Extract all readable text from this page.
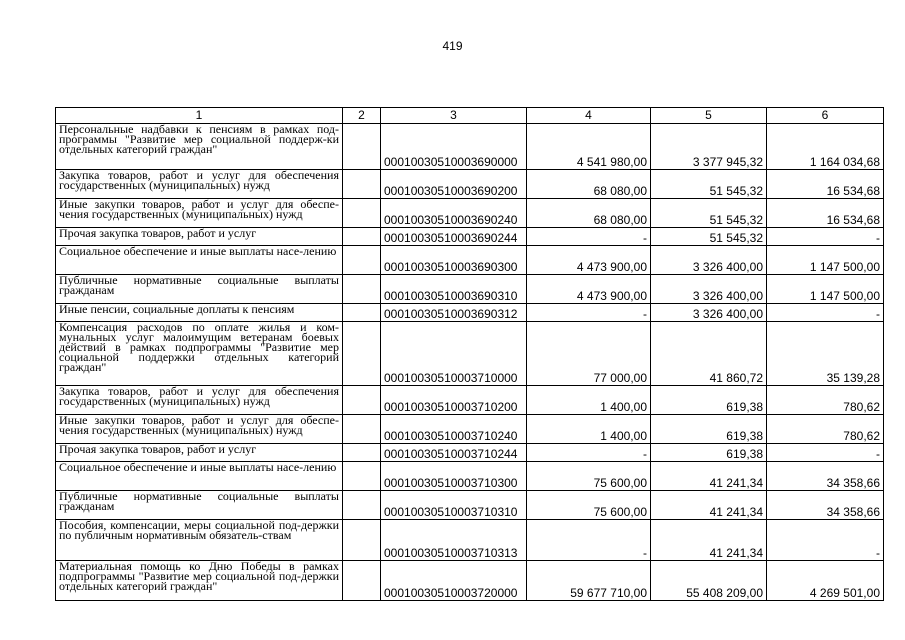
419
1	2	3	4	5	6
Персональные надбавки к пенсиям в рамках под-программы "Развитие мер социальной поддерж-ки отдельных категорий граждан"		00010030510003690000	4 541 980,00	3 377 945,32	1 164 034,68
Закупка товаров, работ и услуг для обеспечения государственных (муниципальных) нужд		00010030510003690200	68 080,00	51 545,32	16 534,68
Иные закупки товаров, работ и услуг для обеспе-чения государственных (муниципальных) нужд		00010030510003690240	68 080,00	51 545,32	16 534,68
Прочая закупка товаров, работ и услуг		00010030510003690244	-	51 545,32	-
Социальное обеспечение и иные выплаты насе-лению		00010030510003690300	4 473 900,00	3 326 400,00	1 147 500,00
Публичные нормативные социальные выплаты гражданам		00010030510003690310	4 473 900,00	3 326 400,00	1 147 500,00
Иные пенсии, социальные доплаты к пенсиям		00010030510003690312	-	3 326 400,00	-
Компенсация расходов по оплате жилья и ком-мунальных услуг малоимущим ветеранам боевых действий в рамках подпрограммы "Развитие мер социальной поддержки отдельных категорий граждан"		00010030510003710000	77 000,00	41 860,72	35 139,28
Закупка товаров, работ и услуг для обеспечения государственных (муниципальных) нужд		00010030510003710200	1 400,00	619,38	780,62
Иные закупки товаров, работ и услуг для обеспе-чения государственных (муниципальных) нужд		00010030510003710240	1 400,00	619,38	780,62
Прочая закупка товаров, работ и услуг		00010030510003710244	-	619,38	-
Социальное обеспечение и иные выплаты насе-лению		00010030510003710300	75 600,00	41 241,34	34 358,66
Публичные нормативные социальные выплаты гражданам		00010030510003710310	75 600,00	41 241,34	34 358,66
Пособия, компенсации, меры социальной под-держки по публичным нормативным обязатель-ствам		00010030510003710313	-	41 241,34	-
Материальная помощь ко Дню Победы в рамках подпрограммы "Развитие мер социальной под-держки отдельных категорий граждан"		00010030510003720000	59 677 710,00	55 408 209,00	4 269 501,00
